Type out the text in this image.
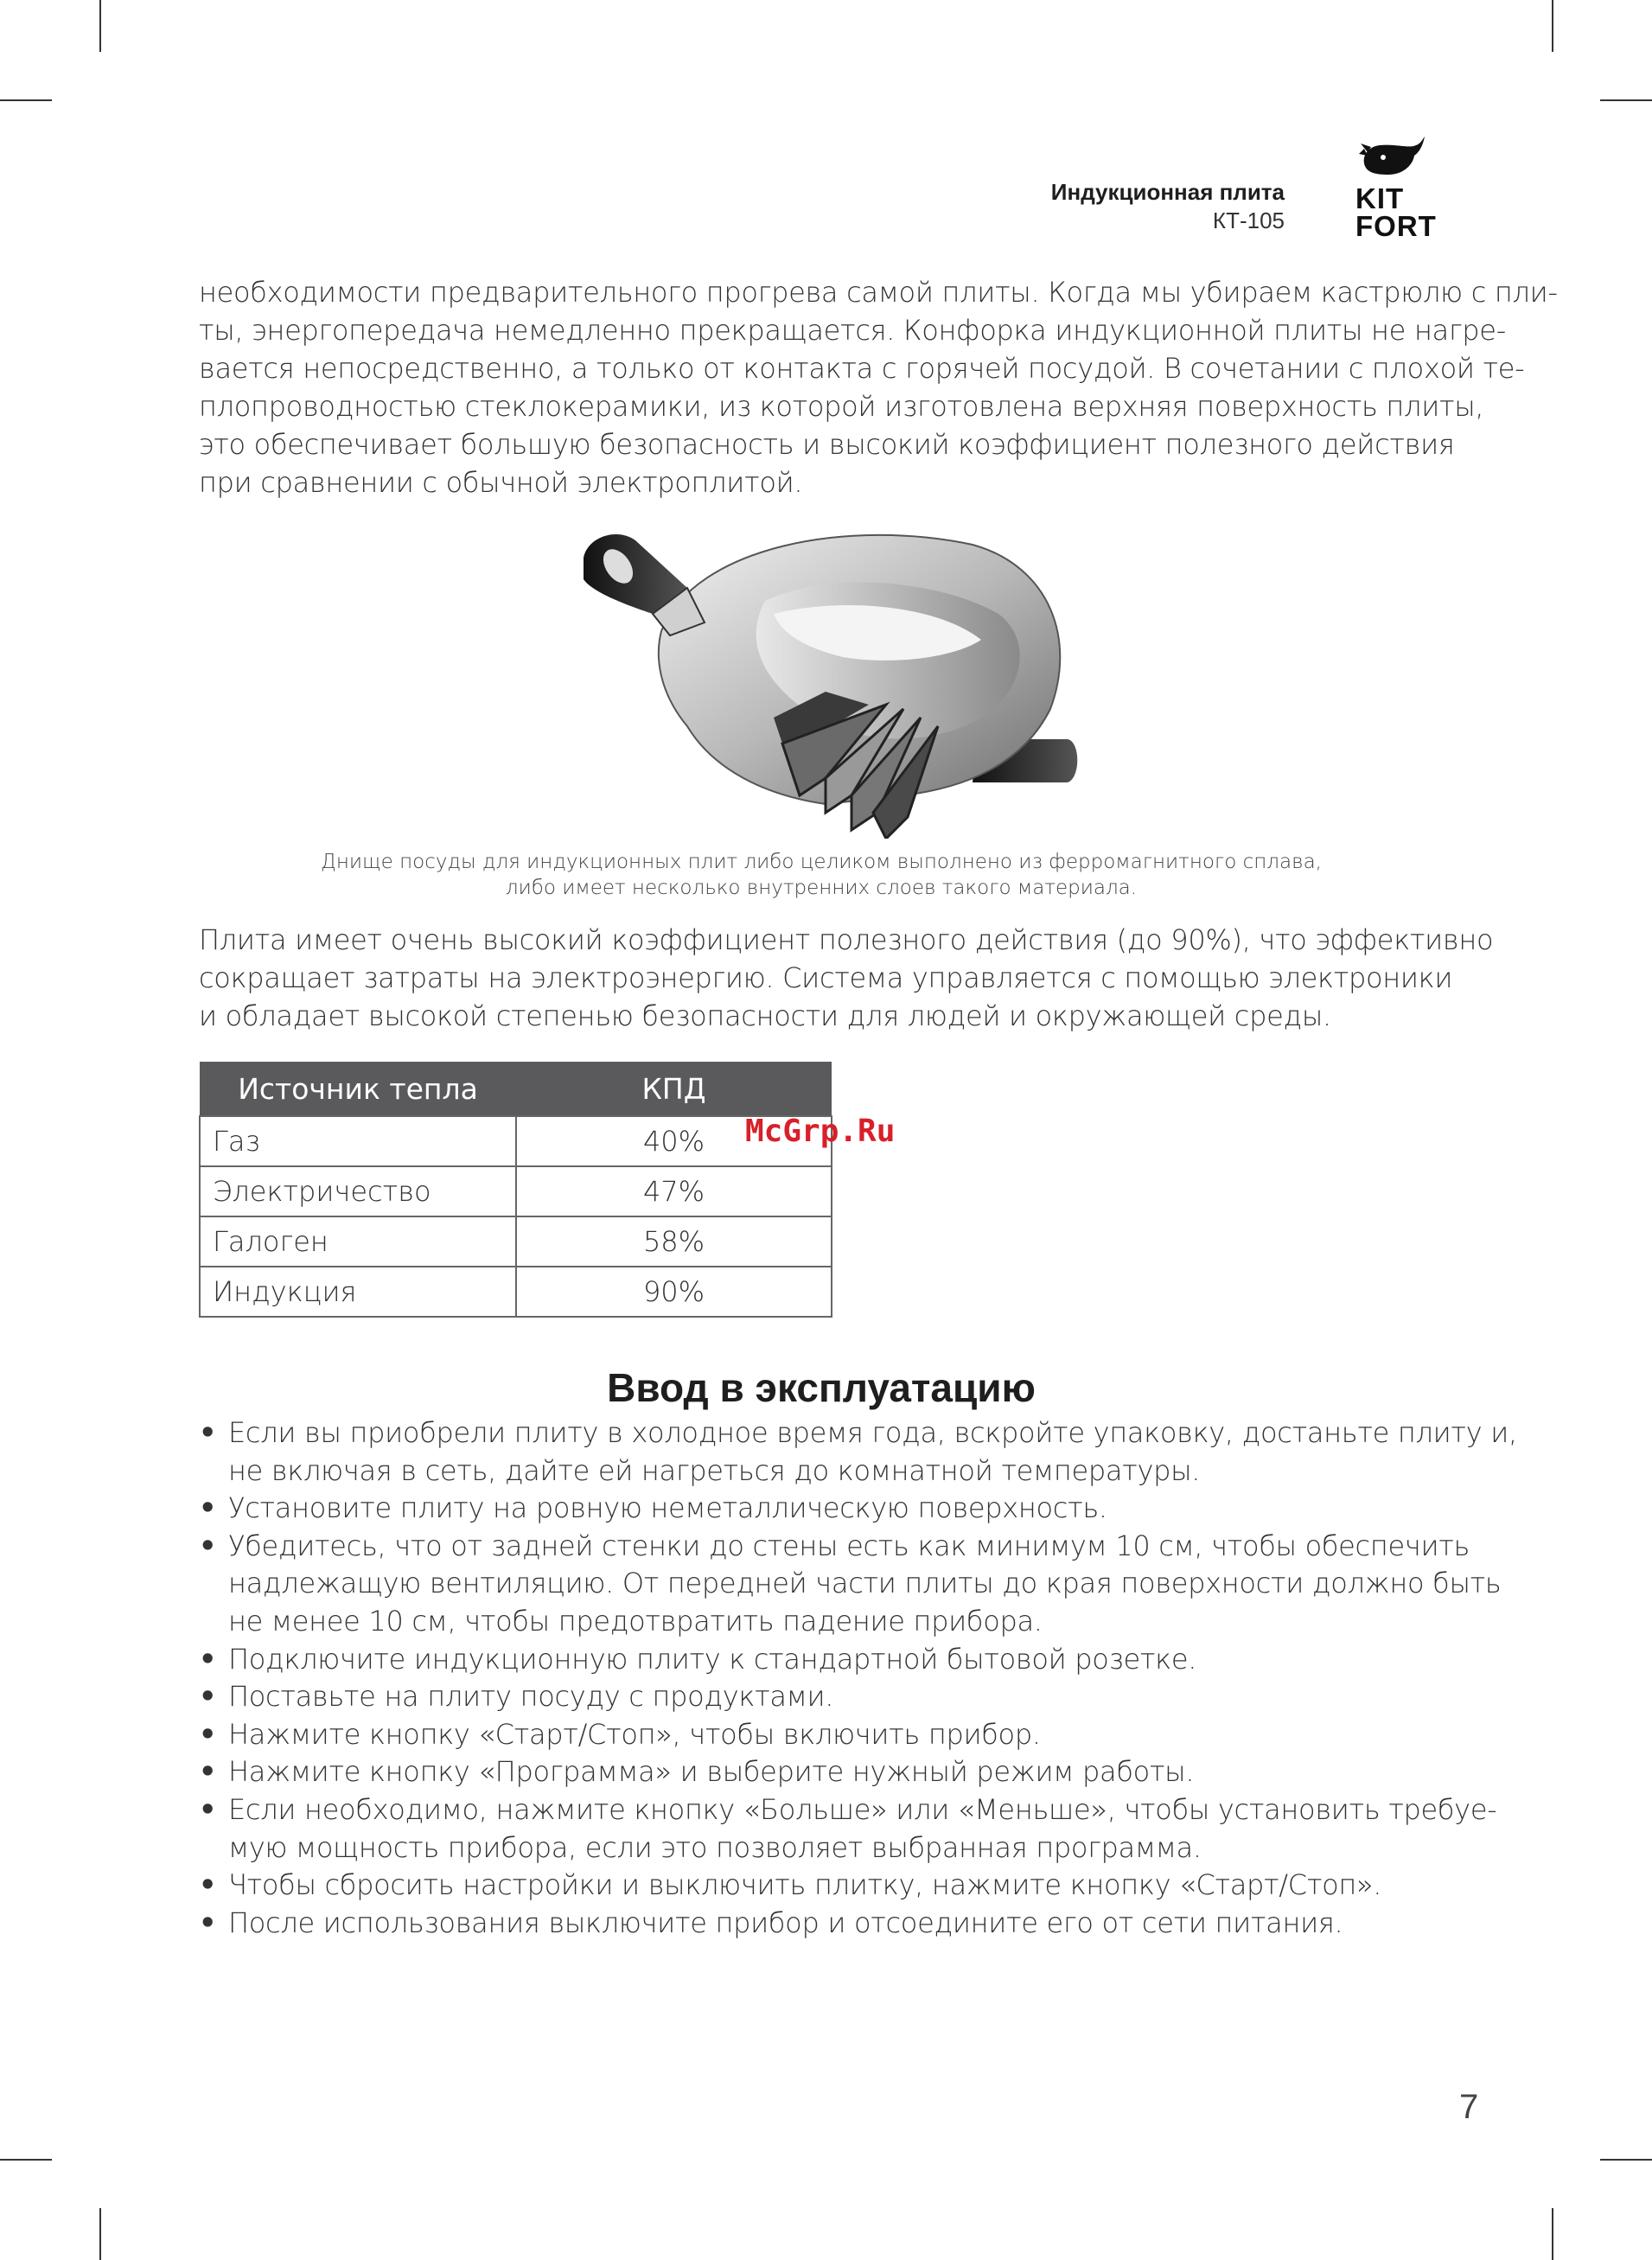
Индукционная плита
КТ-105
KIT
FORT
необходимости предварительного прогрева самой плиты. Когда мы убираем кастрюлю с пли-
ты, энергопередача немедленно прекращается. Конфорка индукционной плиты не нагре-
вается непосредственно, а только от контакта с горячей посудой. В сочетании с плохой те-
плопроводностью стеклокерамики, из которой изготовлена верхняя поверхность плиты,
это обеспечивает большую безопасность и высокий коэффициент полезного действия
при сравнении с обычной электроплитой.
Днище посуды для индукционных плит либо целиком выполнено из ферромагнитного сплава,
либо имеет несколько внутренних слоев такого материала.
Плита имеет очень высокий коэффициент полезного действия (до 90%), что эффективно
сокращает затраты на электроэнергию. Система управляется с помощью электроники
и обладает высокой степенью безопасности для людей и окружающей среды.
Источник тепла	КПД
Газ	40%
Электричество	47%
Галоген	58%
Индукция	90%
McGrp.Ru
Ввод в эксплуатацию
• Если вы приобрели плиту в холодное время года, вскройте упаковку, достаньте плиту и,
не включая в сеть, дайте ей нагреться до комнатной температуры.
• Установите плиту на ровную неметаллическую поверхность.
• Убедитесь, что от задней стенки до стены есть как минимум 10 см, чтобы обеспечить
надлежащую вентиляцию. От передней части плиты до края поверхности должно быть
не менее 10 см, чтобы предотвратить падение прибора.
• Подключите индукционную плиту к стандартной бытовой розетке.
• Поставьте на плиту посуду с продуктами.
• Нажмите кнопку «Старт/Стоп», чтобы включить прибор.
• Нажмите кнопку «Программа» и выберите нужный режим работы.
• Если необходимо, нажмите кнопку «Больше» или «Меньше», чтобы установить требуе-
мую мощность прибора, если это позволяет выбранная программа.
• Чтобы сбросить настройки и выключить плитку, нажмите кнопку «Старт/Стоп».
• После использования выключите прибор и отсоедините его от сети питания.
7
